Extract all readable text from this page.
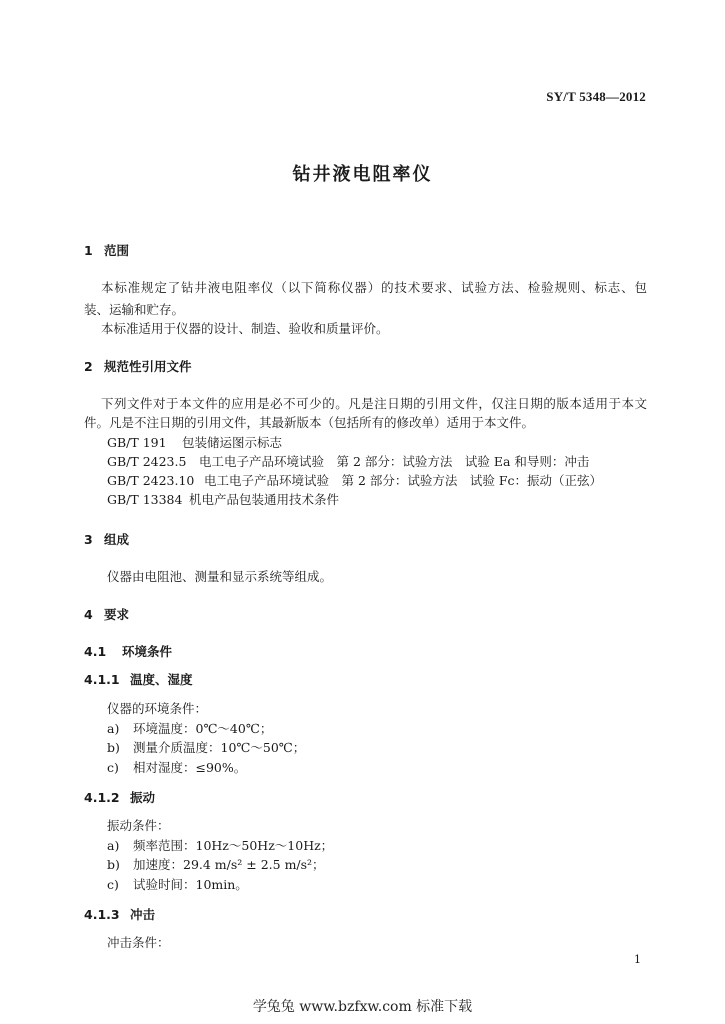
SY/T 5348—2012
钻井液电阻率仪
1 范围
本标准规定了钻井液电阻率仪（以下简称仪器）的技术要求、试验方法、检验规则、标志、包
装、运输和贮存。
本标准适用于仪器的设计、制造、验收和质量评价。
2 规范性引用文件
下列文件对于本文件的应用是必不可少的。凡是注日期的引用文件，仅注日期的版本适用于本文
件。凡是不注日期的引用文件，其最新版本（包括所有的修改单）适用于本文件。
GB/T 191 包装储运图示标志
GB/T 2423.5 电工电子产品环境试验　第 2 部分：试验方法　试验 Ea 和导则：冲击
GB/T 2423.10 电工电子产品环境试验　第 2 部分：试验方法　试验 Fc：振动（正弦）
GB/T 13384 机电产品包装通用技术条件
3 组成
仪器由电阻池、测量和显示系统等组成。
4 要求
4.1 环境条件
4.1.1 温度、湿度
仪器的环境条件：
a) 环境温度：0℃～40℃；
b) 测量介质温度：10℃～50℃；
c) 相对湿度：≤90%。
4.1.2 振动
振动条件：
a) 频率范围：10Hz～50Hz～10Hz；
b) 加速度：29.4 m/s² ± 2.5 m/s²；
c) 试验时间：10min。
4.1.3 冲击
冲击条件：
1
学兔兔 www.bzfxw.com 标准下载
